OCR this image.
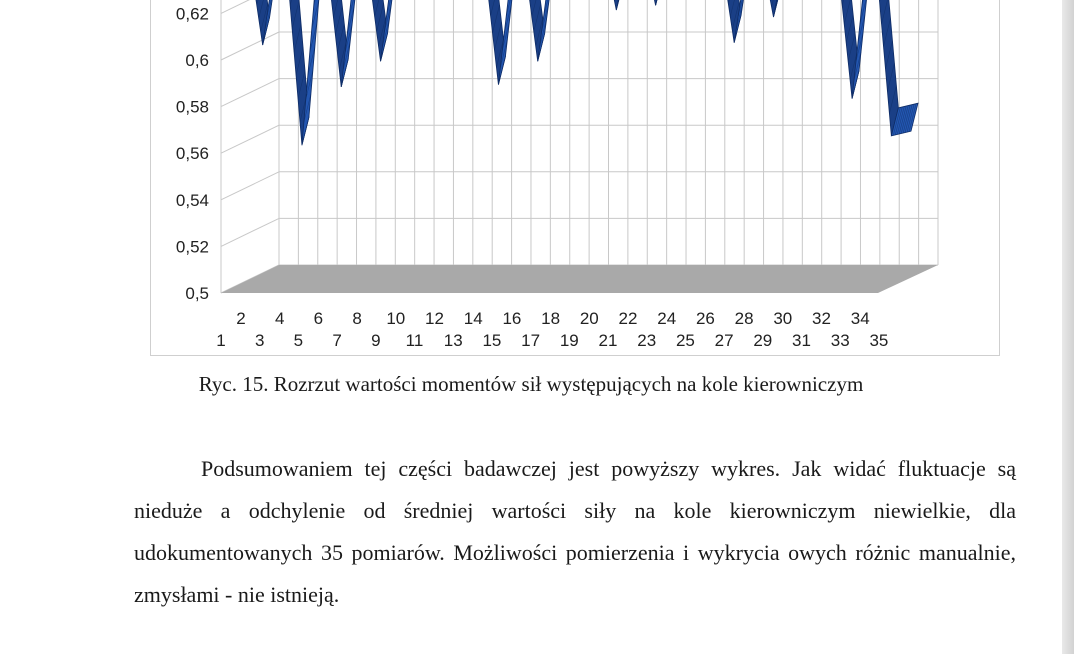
0,5
0,52
0,54
0,56
0,58
0,6
0,62
2 4 6 8 10 12 14 16 18 20 22 24 26 28 30 32 34
1 3 5 7 9 11 13 15 17 19 21 23 25 27 29 31 33 35
Ryc. 15. Rozrzut wartości momentów sił występujących na kole kierowniczym

Podsumowaniem tej części badawczej jest powyższy wykres. Jak widać fluktuacje są nieduże a odchylenie od średniej wartości siły na kole kierowniczym niewielkie, dla udokumentowanych 35 pomiarów. Możliwości pomierzenia i wykrycia owych różnic manualnie, zmysłami - nie istnieją.
